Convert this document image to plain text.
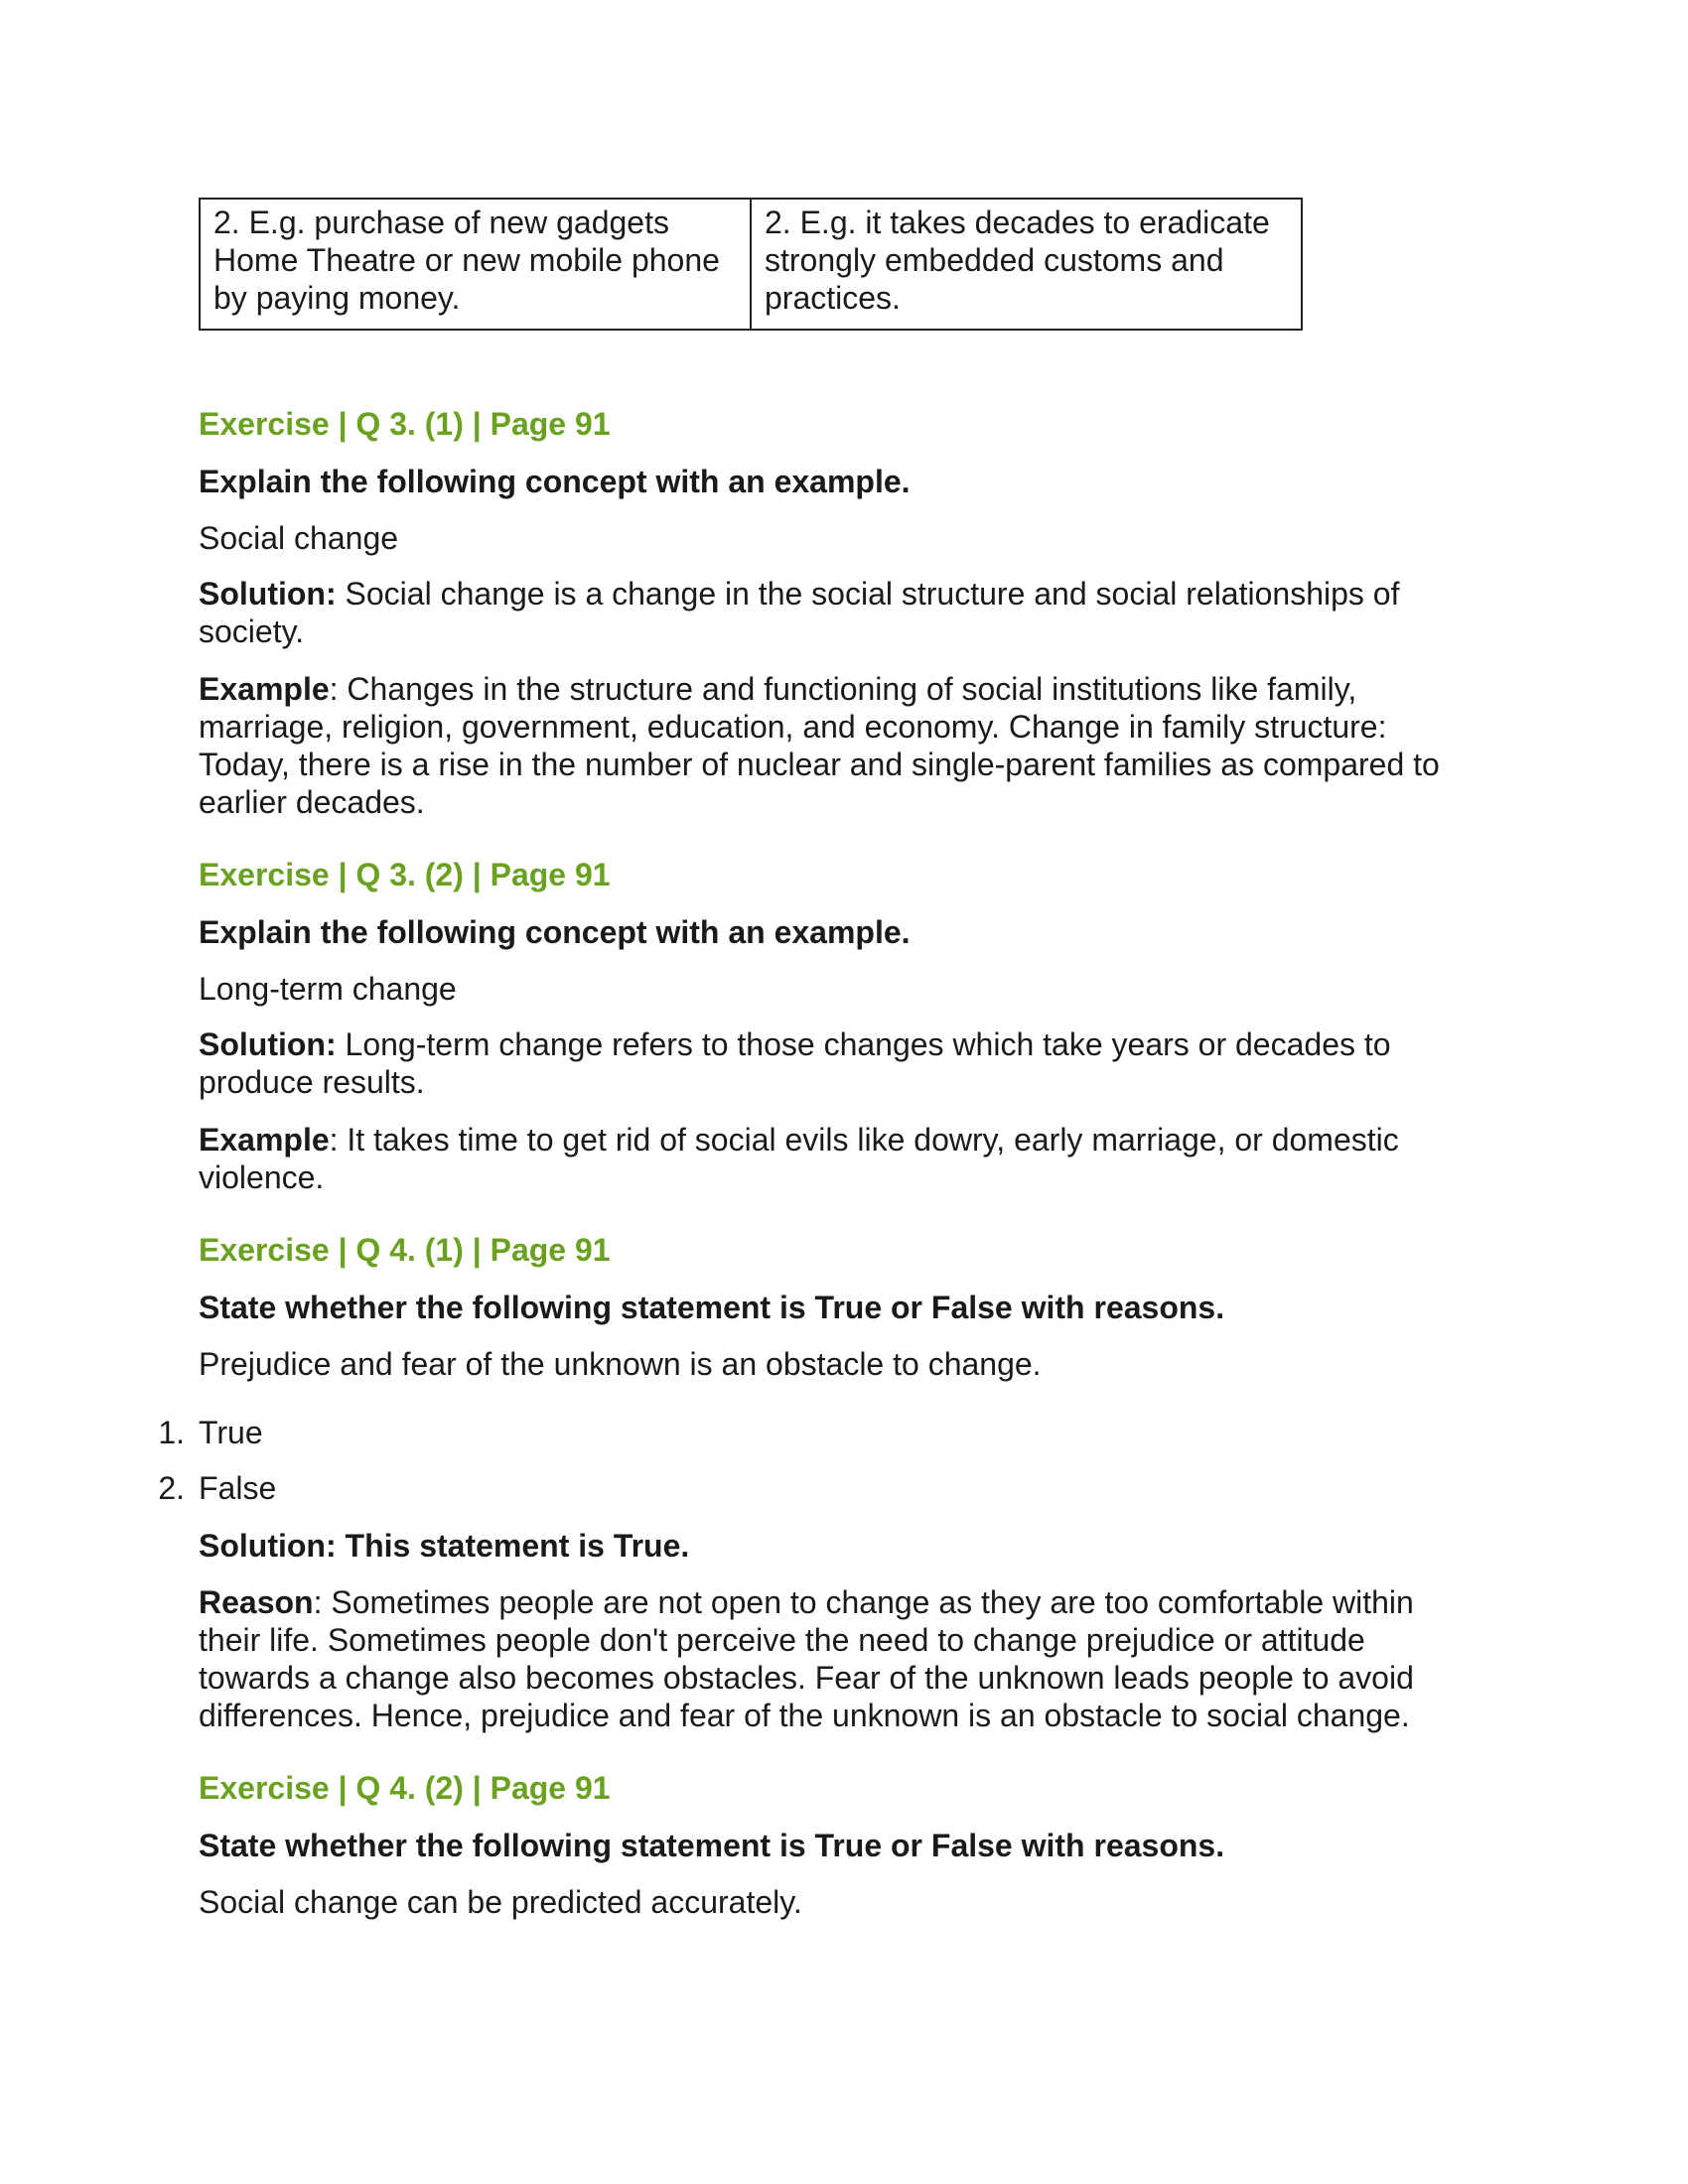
2. E.g. purchase of new gadgets Home Theatre or new mobile phone by paying money.	2. E.g. it takes decades to eradicate strongly embedded customs and practices.

Exercise | Q 3. (1) | Page 91

Explain the following concept with an example.

Social change

Solution: Social change is a change in the social structure and social relationships of society.

Example: Changes in the structure and functioning of social institutions like family, marriage, religion, government, education, and economy. Change in family structure: Today, there is a rise in the number of nuclear and single-parent families as compared to earlier decades.

Exercise | Q 3. (2) | Page 91

Explain the following concept with an example.

Long-term change

Solution: Long-term change refers to those changes which take years or decades to produce results.

Example: It takes time to get rid of social evils like dowry, early marriage, or domestic violence.

Exercise | Q 4. (1) | Page 91

State whether the following statement is True or False with reasons.

Prejudice and fear of the unknown is an obstacle to change.

1. True
2. False

Solution: This statement is True.

Reason: Sometimes people are not open to change as they are too comfortable within their life. Sometimes people don't perceive the need to change prejudice or attitude towards a change also becomes obstacles. Fear of the unknown leads people to avoid differences. Hence, prejudice and fear of the unknown is an obstacle to social change.

Exercise | Q 4. (2) | Page 91

State whether the following statement is True or False with reasons.

Social change can be predicted accurately.
